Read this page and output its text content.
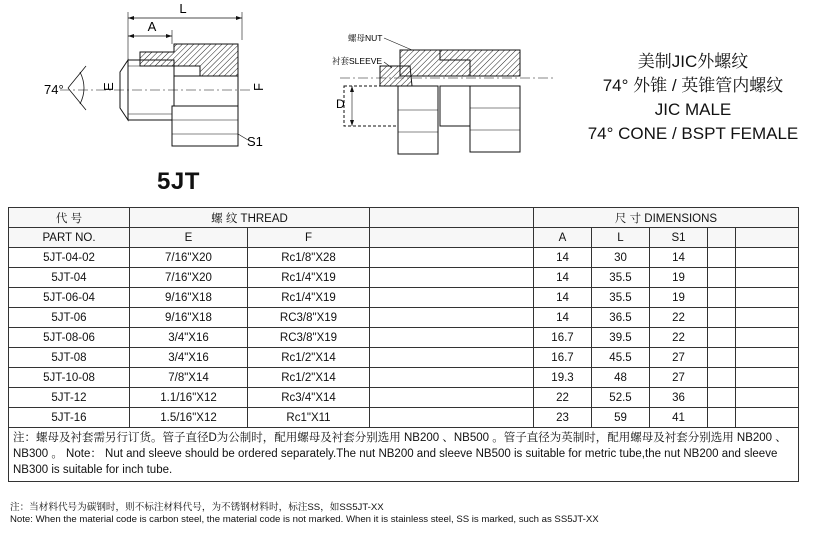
L
A
74°	E	F
S1
D
螺母NUT
衬套SLEEVE	美制JIC外螺纹
74° 外锥 / 英锥管内螺纹
JIC MALE
74° CONE / BSPT FEMALE
5JT
代 号	螺 纹 THREAD			尺 寸 DIMENSIONS				
PART NO.	E	F		A	L	S1		
5JT-04-02	7/16"X20	Rc1/8"X28		14	30	14		
5JT-04	7/16"X20	Rc1/4"X19		14	35.5	19		
5JT-06-04	9/16"X18	Rc1/4"X19		14	35.5	19		
5JT-06	9/16"X18	RC3/8"X19		14	36.5	22		
5JT-08-06	3/4"X16	RC3/8"X19		16.7	39.5	22		
5JT-08	3/4"X16	Rc1/2"X14		16.7	45.5	27		
5JT-10-08	7/8"X14	Rc1/2"X14		19.3	48	27		
5JT-12	1.1/16"X12	Rc3/4"X14		22	52.5	36		
5JT-16	1.5/16"X12	Rc1"X11		23	59	41		
注：螺母及衬套需另行订货。管子直径D为公制时，配用螺母及衬套分别选用 NB200 、NB500 。管子直径为英制时，配用螺母及衬套分别选用 NB200 、NB300 。 Note： Nut and sleeve should be ordered separately.The nut NB200 and sleeve NB500 is suitable for metric tube,the nut NB200 and sleeve NB300 is suitable for inch tube.								
注：当材料代号为碳钢时，则不标注材料代号，为不锈钢材料时，标注SS，如SS5JT-XX
Note: When the material code is carbon steel, the material code is not marked. When it is stainless steel, SS is marked, such as SS5JT-XX
